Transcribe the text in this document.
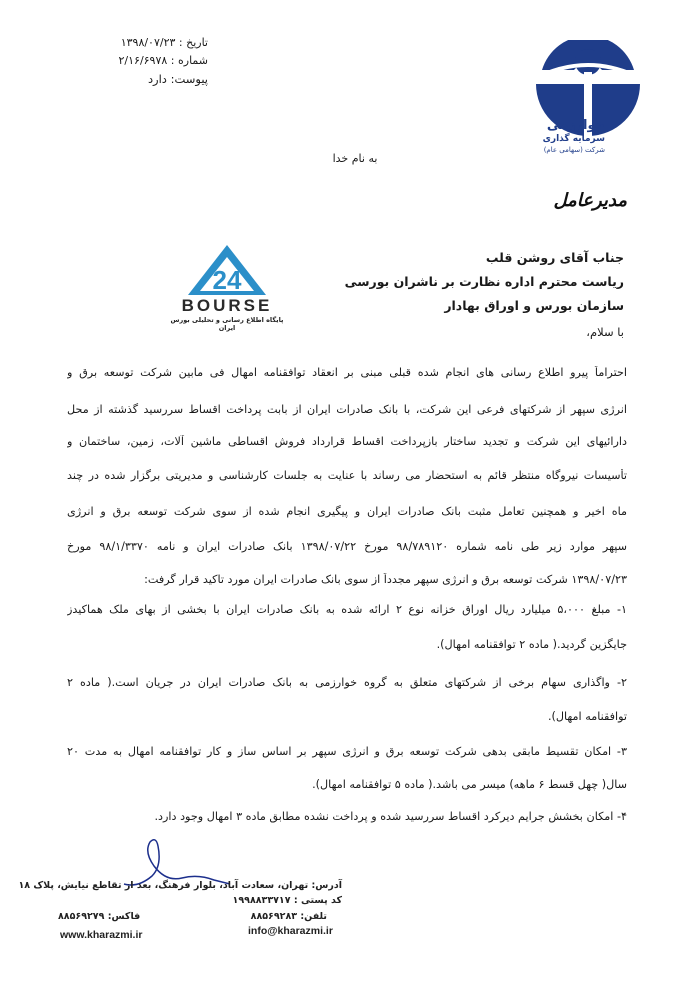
تاریخ : ۱۳۹۸/۰۷/۲۳
شماره : ۲/۱۶/۶۹۷۸
پیوست: دارد
خوارزمی
سرمایه گذاری
شرکت (سهامی عام)
به نام خدا
مدیرعامل
جناب آقای روشن قلب
ریاست محترم اداره نظارت بر ناشران بورسی
سازمان بورس و اوراق بهادار
24
BOURSE
پایگاه اطلاع رسانی و تحلیلی بورس ایران	با سلام،
احتراماً پیرو اطلاع رسانی های انجام شده قبلی مبنی بر انعقاد توافقنامه امهال فی مابین شرکت توسعه برق و
انرژی سپهر از شرکتهای فرعی این شرکت، با بانک صادرات ایران از بابت پرداخت اقساط سررسید گذشته از محل
دارائیهای این شرکت و تجدید ساختار بازپرداخت اقساط قرارداد فروش اقساطی ماشین آلات، زمین، ساختمان و
تأسیسات نیروگاه منتظر قائم به استحضار می رساند با عنایت به جلسات کارشناسی و مدیریتی برگزار شده در چند
ماه اخیر و همچنین تعامل مثبت بانک صادرات ایران و پیگیری انجام شده از سوی شرکت توسعه برق و انرژی
سپهر موارد زیر طی نامه شماره ۹۸/۷۸۹۱۲۰ مورخ ۱۳۹۸/۰۷/۲۲ بانک صادرات ایران و نامه ۹۸/۱/۳۳۷۰ مورخ
۱۳۹۸/۰۷/۲۳ شرکت توسعه برق و انرژی سپهر مجدداً از سوی بانک صادرات ایران مورد تاکید قرار گرفت:
۱- مبلغ ۵،۰۰۰ میلیارد ریال اوراق خزانه نوع ۲ ارائه شده به بانک صادرات ایران با بخشی از بهای ملک هماکیدز
جایگزین گردید.( ماده ۲ توافقنامه امهال).
۲- واگذاری سهام برخی از شرکتهای متعلق به گروه خوارزمی به بانک صادرات ایران در جریان است.( ماده ۲
توافقنامه امهال).
۳- امکان تقسیط مابقی بدهی شرکت توسعه برق و انرژی سپهر بر اساس ساز و کار توافقنامه امهال به مدت ۲۰
سال( چهل قسط ۶ ماهه) میسر می باشد.( ماده ۵ توافقنامه امهال).
۴- امکان بخشش جرایم دیرکرد اقساط سررسید شده و پرداخت نشده مطابق ماده ۳ امهال وجود دارد.
آدرس: تهران، سعادت آباد، بلوار فرهنگ، بعد از تقاطع نیایش، پلاک ۱۸
کد پستی : ۱۹۹۸۸۳۳۷۱۷
تلفن: ۸۸۵۶۹۲۸۳
فاکس: ۸۸۵۶۹۲۷۹
info@kharazmi.ir
www.kharazmi.ir
